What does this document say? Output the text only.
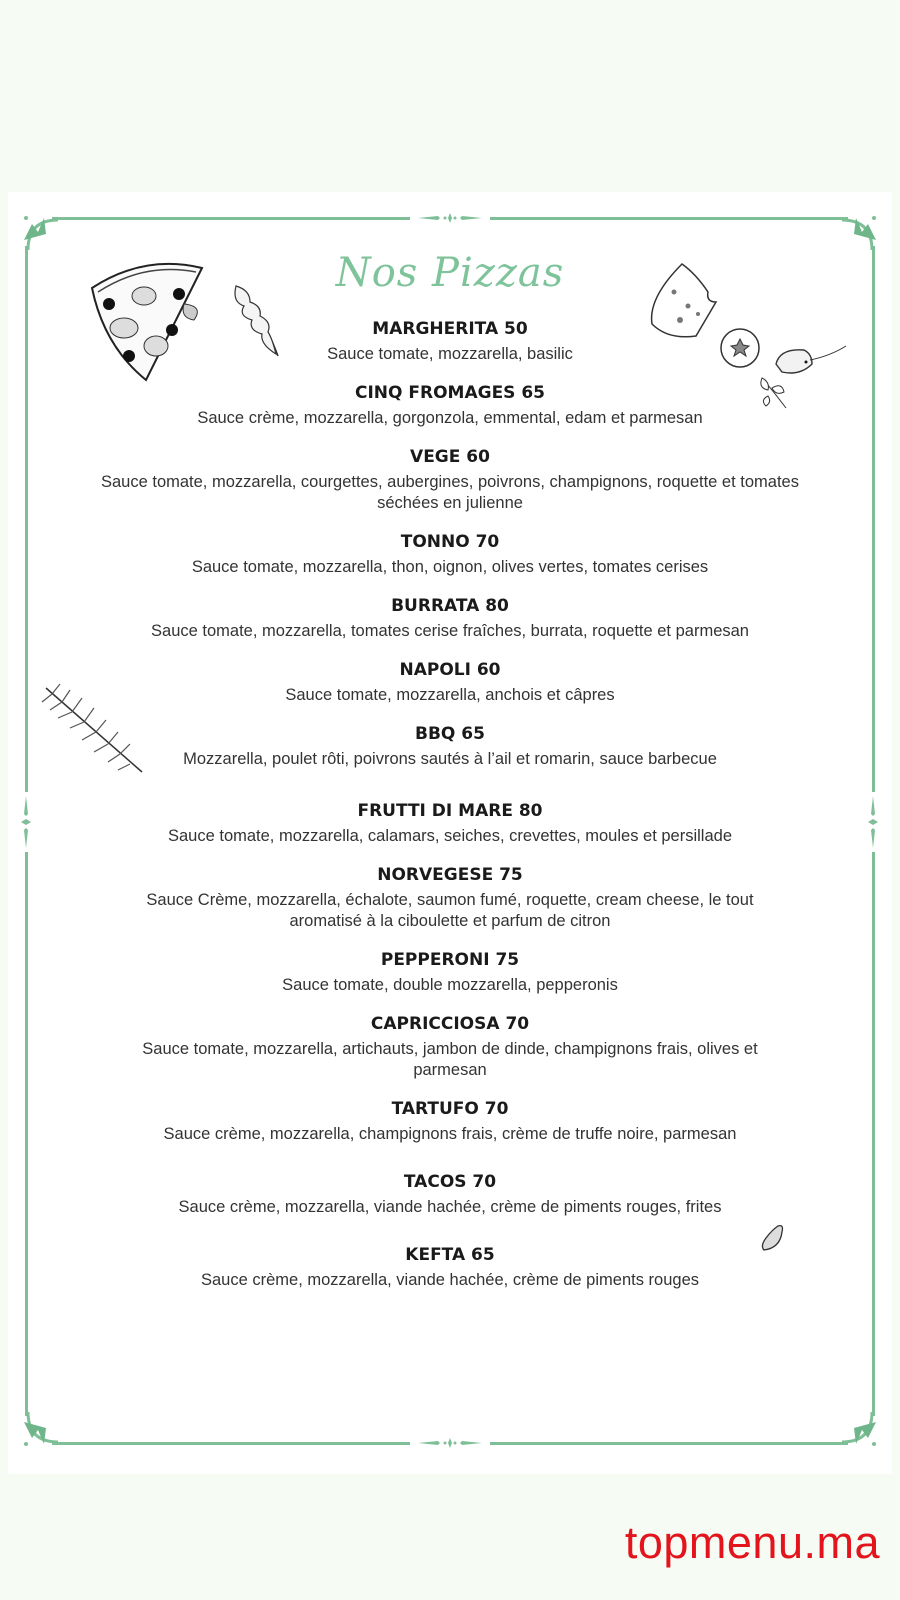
Nos Pizzas
MARGHERITA 50
Sauce tomate, mozzarella, basilic
CINQ FROMAGES 65
Sauce crème, mozzarella, gorgonzola, emmental, edam et parmesan
VEGE 60
Sauce tomate, mozzarella, courgettes, aubergines, poivrons, champignons, roquette et tomates séchées en julienne
TONNO 70
Sauce tomate, mozzarella, thon, oignon, olives vertes, tomates cerises
BURRATA 80
Sauce tomate, mozzarella, tomates cerise fraîches, burrata, roquette et parmesan
NAPOLI 60
Sauce tomate, mozzarella, anchois et câpres
BBQ 65
Mozzarella, poulet rôti, poivrons sautés à l’ail et romarin, sauce barbecue
FRUTTI DI MARE 80
Sauce tomate, mozzarella, calamars, seiches, crevettes, moules et persillade
NORVEGESE 75
Sauce Crème, mozzarella, échalote, saumon fumé, roquette, cream cheese, le tout aromatisé à la ciboulette et parfum de citron
PEPPERONI 75
Sauce tomate, double mozzarella, pepperonis
CAPRICCIOSA 70
Sauce tomate, mozzarella, artichauts, jambon de dinde, champignons frais, olives et parmesan
TARTUFO 70
Sauce crème, mozzarella, champignons frais, crème de truffe noire, parmesan
TACOS 70
Sauce crème, mozzarella, viande hachée, crème de piments rouges, frites
KEFTA 65
Sauce crème, mozzarella, viande hachée, crème de piments rouges
topmenu.ma
